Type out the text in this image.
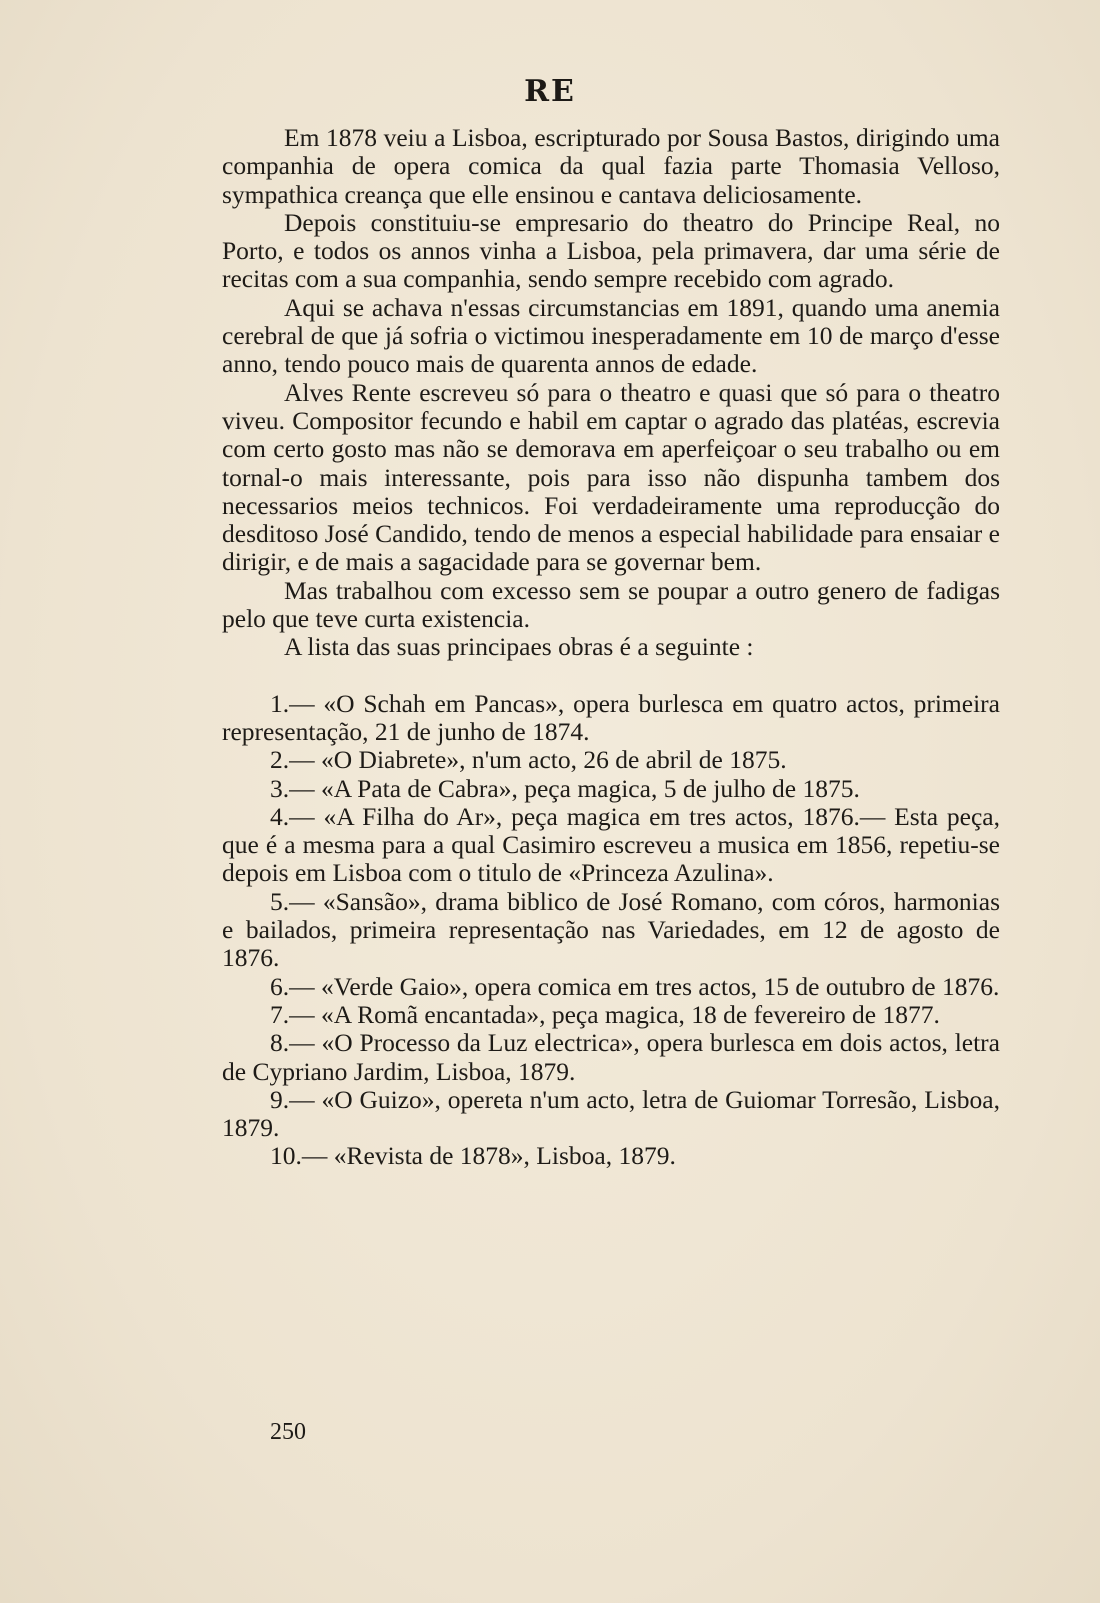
RE

Em 1878 veiu a Lisboa, escripturado por Sousa Bastos, dirigindo uma companhia de opera comica da qual fazia parte Thomasia Velloso, sympathica creança que elle ensinou e cantava deliciosamente.

Depois constituiu-se empresario do theatro do Principe Real, no Porto, e todos os annos vinha a Lisboa, pela primavera, dar uma série de recitas com a sua companhia, sendo sempre recebido com agrado.

Aqui se achava n'essas circumstancias em 1891, quando uma anemia cerebral de que já sofria o victimou inesperadamente em 10 de março d'esse anno, tendo pouco mais de quarenta annos de edade.

Alves Rente escreveu só para o theatro e quasi que só para o theatro viveu. Compositor fecundo e habil em captar o agrado das platéas, escrevia com certo gosto mas não se demorava em aperfeiçoar o seu trabalho ou em tornal-o mais interessante, pois para isso não dispunha tambem dos necessarios meios technicos. Foi verdadeiramente uma reproducção do desditoso José Candido, tendo de menos a especial habilidade para ensaiar e dirigir, e de mais a sagacidade para se governar bem.

Mas trabalhou com excesso sem se poupar a outro genero de fadigas pelo que teve curta existencia.

A lista das suas principaes obras é a seguinte :

1.— «O Schah em Pancas», opera burlesca em quatro actos, primeira representação, 21 de junho de 1874.

2.— «O Diabrete», n'um acto, 26 de abril de 1875.

3.— «A Pata de Cabra», peça magica, 5 de julho de 1875.

4.— «A Filha do Ar», peça magica em tres actos, 1876.— Esta peça, que é a mesma para a qual Casimiro escreveu a musica em 1856, repetiu-se depois em Lisboa com o titulo de «Princeza Azulina».

5.— «Sansão», drama biblico de José Romano, com córos, harmonias e bailados, primeira representação nas Variedades, em 12 de agosto de 1876.

6.— «Verde Gaio», opera comica em tres actos, 15 de outubro de 1876.

7.— «A Romã encantada», peça magica, 18 de fevereiro de 1877.

8.— «O Processo da Luz electrica», opera burlesca em dois actos, letra de Cypriano Jardim, Lisboa, 1879.

9.— «O Guizo», opereta n'um acto, letra de Guiomar Torresão, Lisboa, 1879.

10.— «Revista de 1878», Lisboa, 1879.

250
